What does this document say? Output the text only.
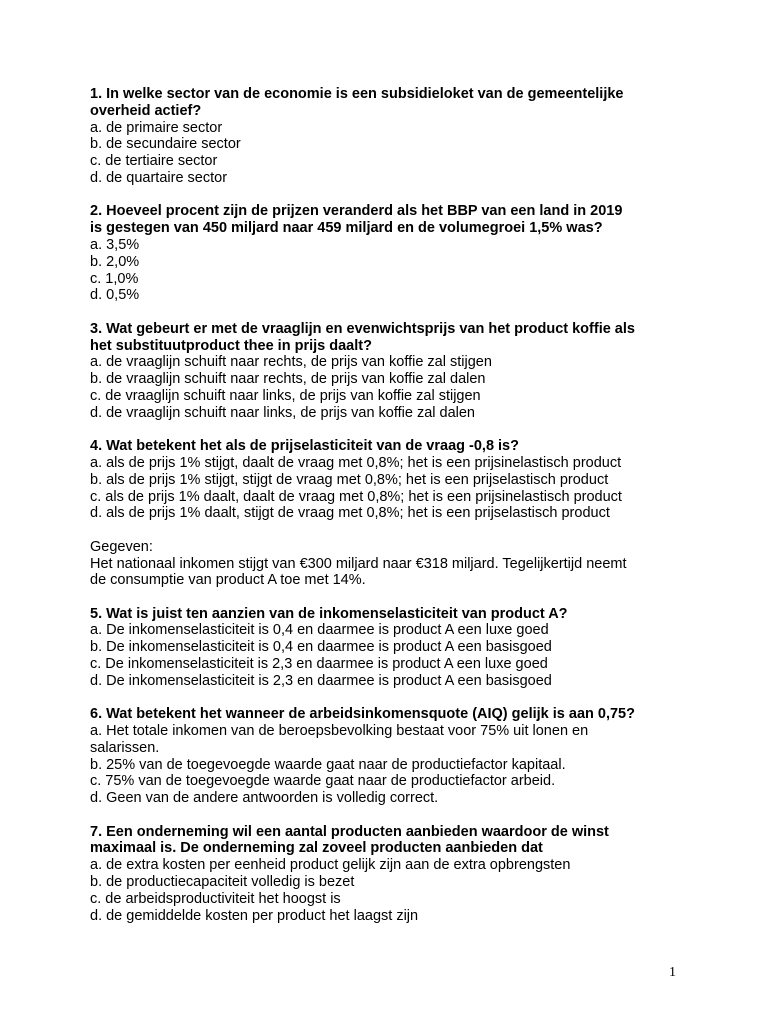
1. In welke sector van de economie is een subsidieloket van de gemeentelijke
overheid actief?
a. de primaire sector
b. de secundaire sector
c. de tertiaire sector
d. de quartaire sector
2. Hoeveel procent zijn de prijzen veranderd als het BBP van een land in 2019
is gestegen van 450 miljard naar 459 miljard en de volumegroei 1,5% was?
a. 3,5%
b. 2,0%
c. 1,0%
d. 0,5%
3. Wat gebeurt er met de vraaglijn en evenwichtsprijs van het product koffie als
het substituutproduct thee in prijs daalt?
a. de vraaglijn schuift naar rechts, de prijs van koffie zal stijgen
b. de vraaglijn schuift naar rechts, de prijs van koffie zal dalen
c. de vraaglijn schuift naar links, de prijs van koffie zal stijgen
d. de vraaglijn schuift naar links, de prijs van koffie zal dalen
4. Wat betekent het als de prijselasticiteit van de vraag -0,8 is?
a. als de prijs 1% stijgt, daalt de vraag met 0,8%; het is een prijsinelastisch product
b. als de prijs 1% stijgt, stijgt de vraag met 0,8%; het is een prijselastisch product
c. als de prijs 1% daalt, daalt de vraag met 0,8%; het is een prijsinelastisch product
d. als de prijs 1% daalt, stijgt de vraag met 0,8%; het is een prijselastisch product
Gegeven:
Het nationaal inkomen stijgt van €300 miljard naar €318 miljard. Tegelijkertijd neemt
de consumptie van product A toe met 14%.
5. Wat is juist ten aanzien van de inkomenselasticiteit van product A?
a. De inkomenselasticiteit is 0,4 en daarmee is product A een luxe goed
b. De inkomenselasticiteit is 0,4 en daarmee is product A een basisgoed
c. De inkomenselasticiteit is 2,3 en daarmee is product A een luxe goed
d. De inkomenselasticiteit is 2,3 en daarmee is product A een basisgoed
6. Wat betekent het wanneer de arbeidsinkomensquote (AIQ) gelijk is aan 0,75?
a. Het totale inkomen van de beroepsbevolking bestaat voor 75% uit lonen en
salarissen.
b. 25% van de toegevoegde waarde gaat naar de productiefactor kapitaal.
c. 75% van de toegevoegde waarde gaat naar de productiefactor arbeid.
d. Geen van de andere antwoorden is volledig correct.
7. Een onderneming wil een aantal producten aanbieden waardoor de winst
maximaal is. De onderneming zal zoveel producten aanbieden dat
a. de extra kosten per eenheid product gelijk zijn aan de extra opbrengsten
b. de productiecapaciteit volledig is bezet
c. de arbeidsproductiviteit het hoogst is
d. de gemiddelde kosten per product het laagst zijn
1
